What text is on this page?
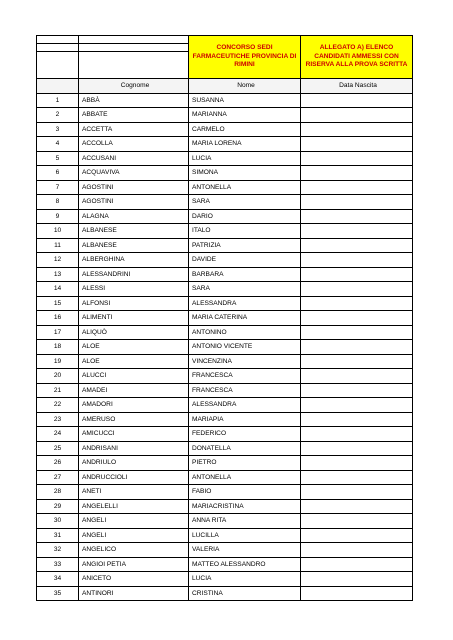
		CONCORSO SEDI FARMACEUTICHE PROVINCIA DI RIMINI	ALLEGATO A) ELENCO CANDIDATI AMMESSI CON RISERVA ALLA PROVA SCRITTA

	Cognome	Nome	Data Nascita
1	ABBÀ	SUSANNA	
2	ABBATE	MARIANNA	
3	ACCETTA	CARMELO	
4	ACCOLLA	MARIA LORENA	
5	ACCUSANI	LUCIA	
6	ACQUAVIVA	SIMONA	
7	AGOSTINI	ANTONELLA	
8	AGOSTINI	SARA	
9	ALAGNA	DARIO	
10	ALBANESE	ITALO	
11	ALBANESE	PATRIZIA	
12	ALBERGHINA	DAVIDE	
13	ALESSANDRINI	BARBARA	
14	ALESSI	SARA	
15	ALFONSI	ALESSANDRA	
16	ALIMENTI	MARIA CATERINA	
17	ALIQUÒ	ANTONINO	
18	ALOE	ANTONIO VICENTE	
19	ALOE	VINCENZINA	
20	ALUCCI	FRANCESCA	
21	AMADEI	FRANCESCA	
22	AMADORI	ALESSANDRA	
23	AMERUSO	MARIAPIA	
24	AMICUCCI	FEDERICO	
25	ANDRISANI	DONATELLA	
26	ANDRIULO	PIETRO	
27	ANDRUCCIOLI	ANTONELLA	
28	ANETI	FABIO	
29	ANGELELLI	MARIACRISTINA	
30	ANGELI	ANNA RITA	
31	ANGELI	LUCILLA	
32	ANGELICO	VALERIA	
33	ANGIOI PETIA	MATTEO ALESSANDRO	
34	ANICETO	LUCIA	
35	ANTINORI	CRISTINA	
